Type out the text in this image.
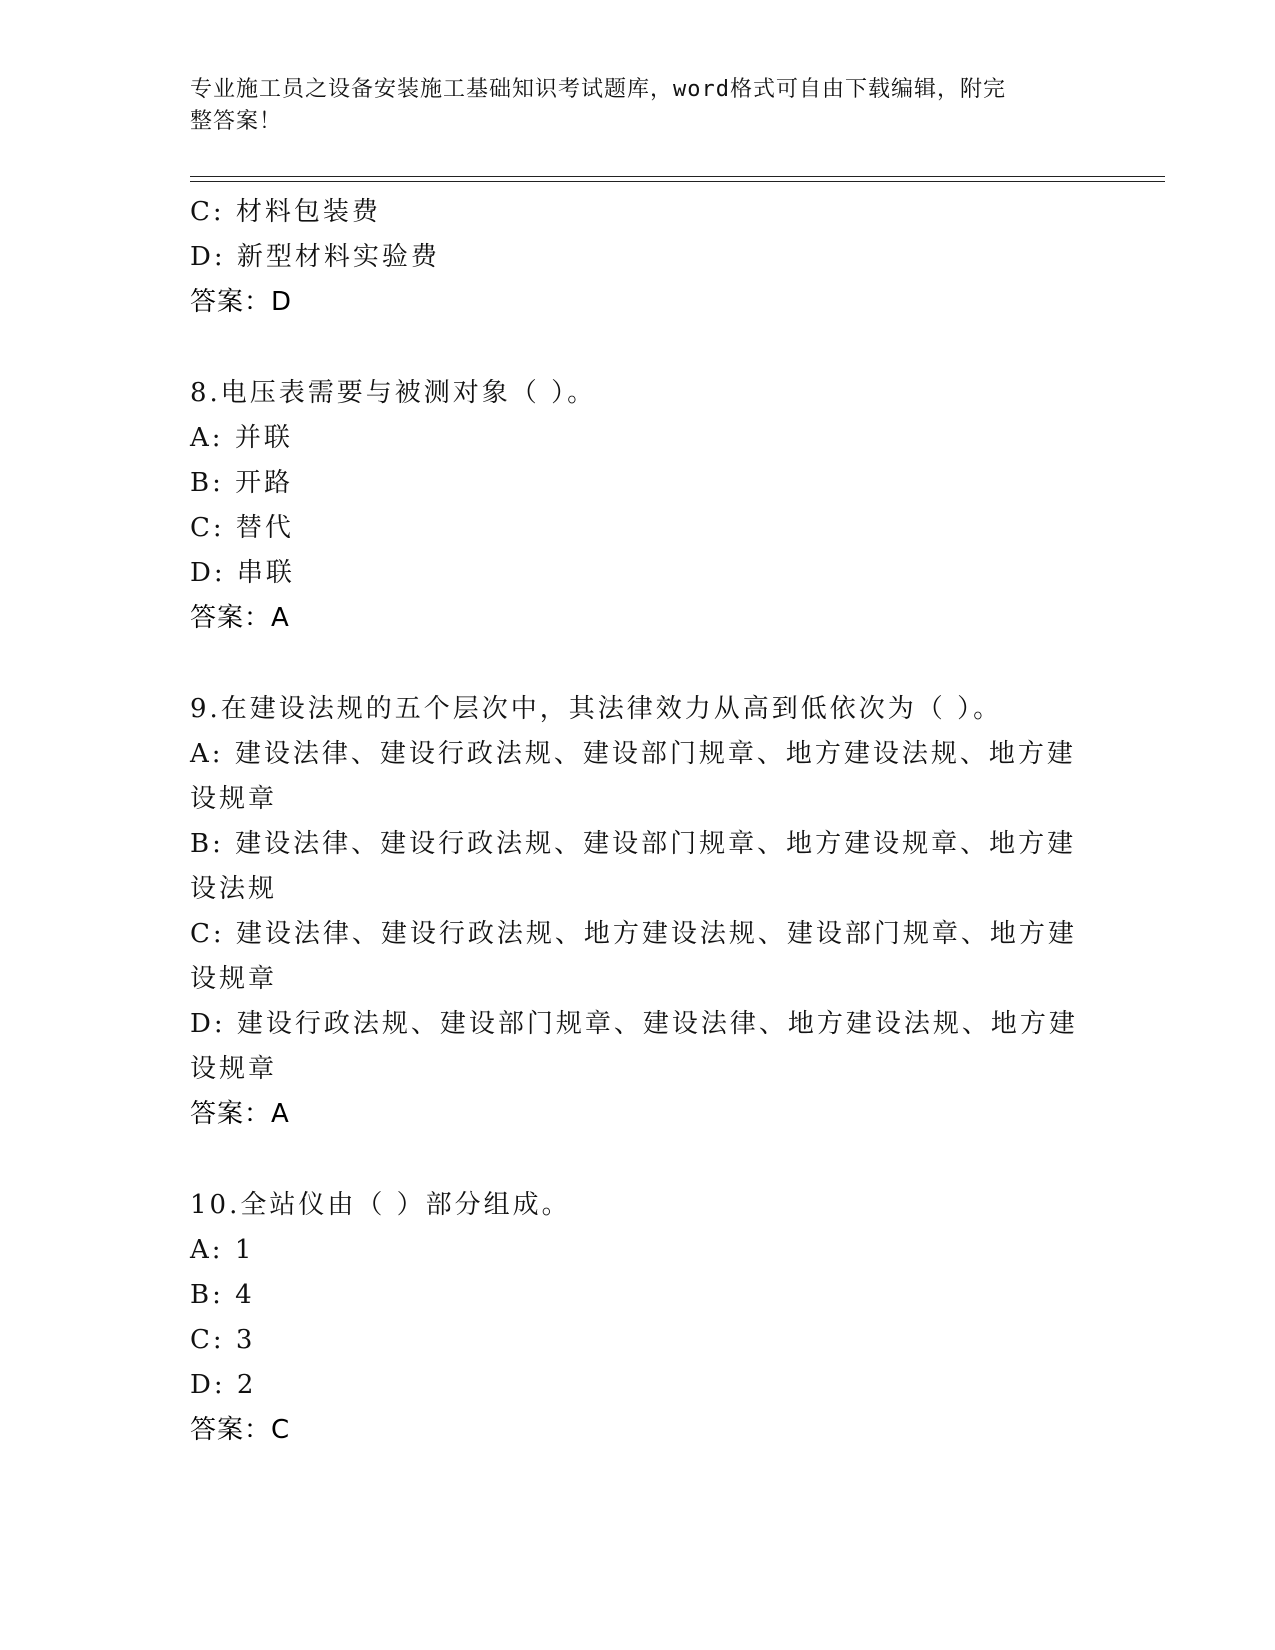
专业施工员之设备安装施工基础知识考试题库，word格式可自由下载编辑，附完
整答案！
C: 材料包装费
D: 新型材料实验费
答案：D
8.电压表需要与被测对象（ ）。
A: 并联
B: 开路
C: 替代
D: 串联
答案：A
9.在建设法规的五个层次中，其法律效力从高到低依次为（ ）。
A: 建设法律、建设行政法规、建设部门规章、地方建设法规、地方建设规章
B: 建设法律、建设行政法规、建设部门规章、地方建设规章、地方建设法规
C: 建设法律、建设行政法规、地方建设法规、建设部门规章、地方建设规章
D: 建设行政法规、建设部门规章、建设法律、地方建设法规、地方建设规章
答案：A
10.全站仪由（ ）部分组成。
A: 1
B: 4
C: 3
D: 2
答案：C
